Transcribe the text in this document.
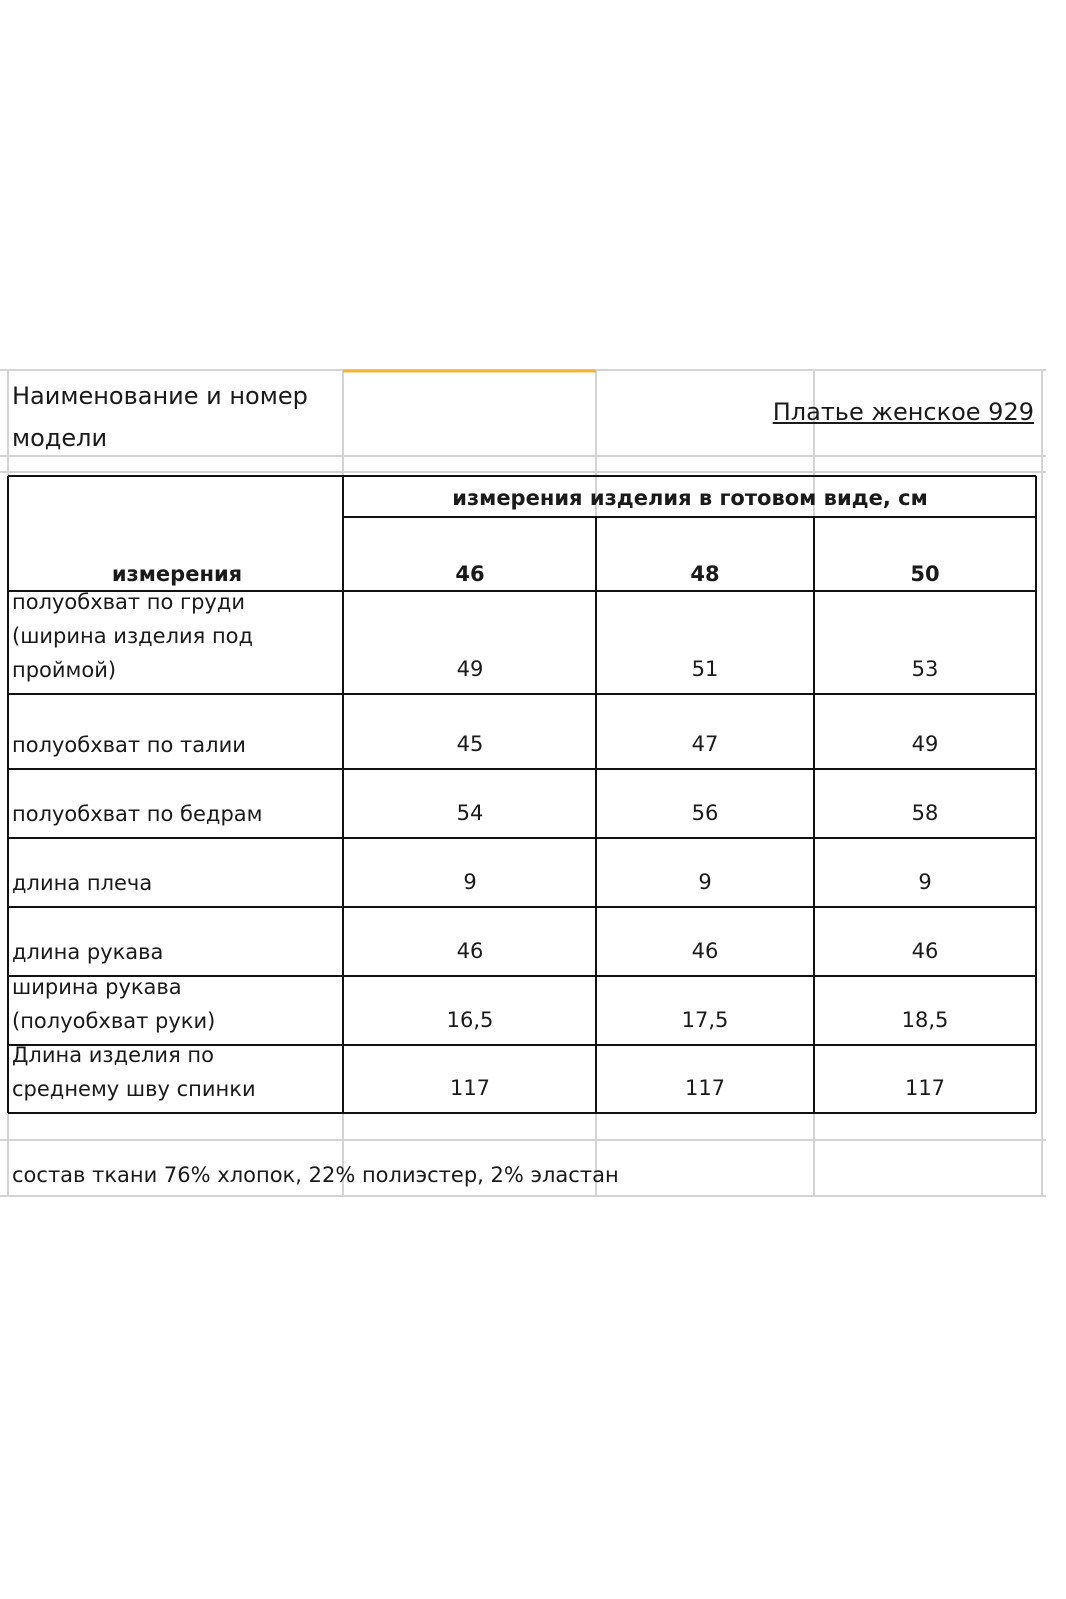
Наименование и номер
модели
Платье женское 929
измерения изделия в готовом виде, см
измерения	46	48	50
полуобхват по груди
(ширина изделия под
проймой)	49	51	53
полуобхват по талии	45	47	49
полуобхват по бедрам	54	56	58
длина плеча	9	9	9
длина рукава	46	46	46
ширина рукава
(полуобхват руки)	16,5	17,5	18,5
Длина изделия по
среднему шву спинки	117	117	117
состав ткани 76% хлопок, 22% полиэстер, 2% эластан
